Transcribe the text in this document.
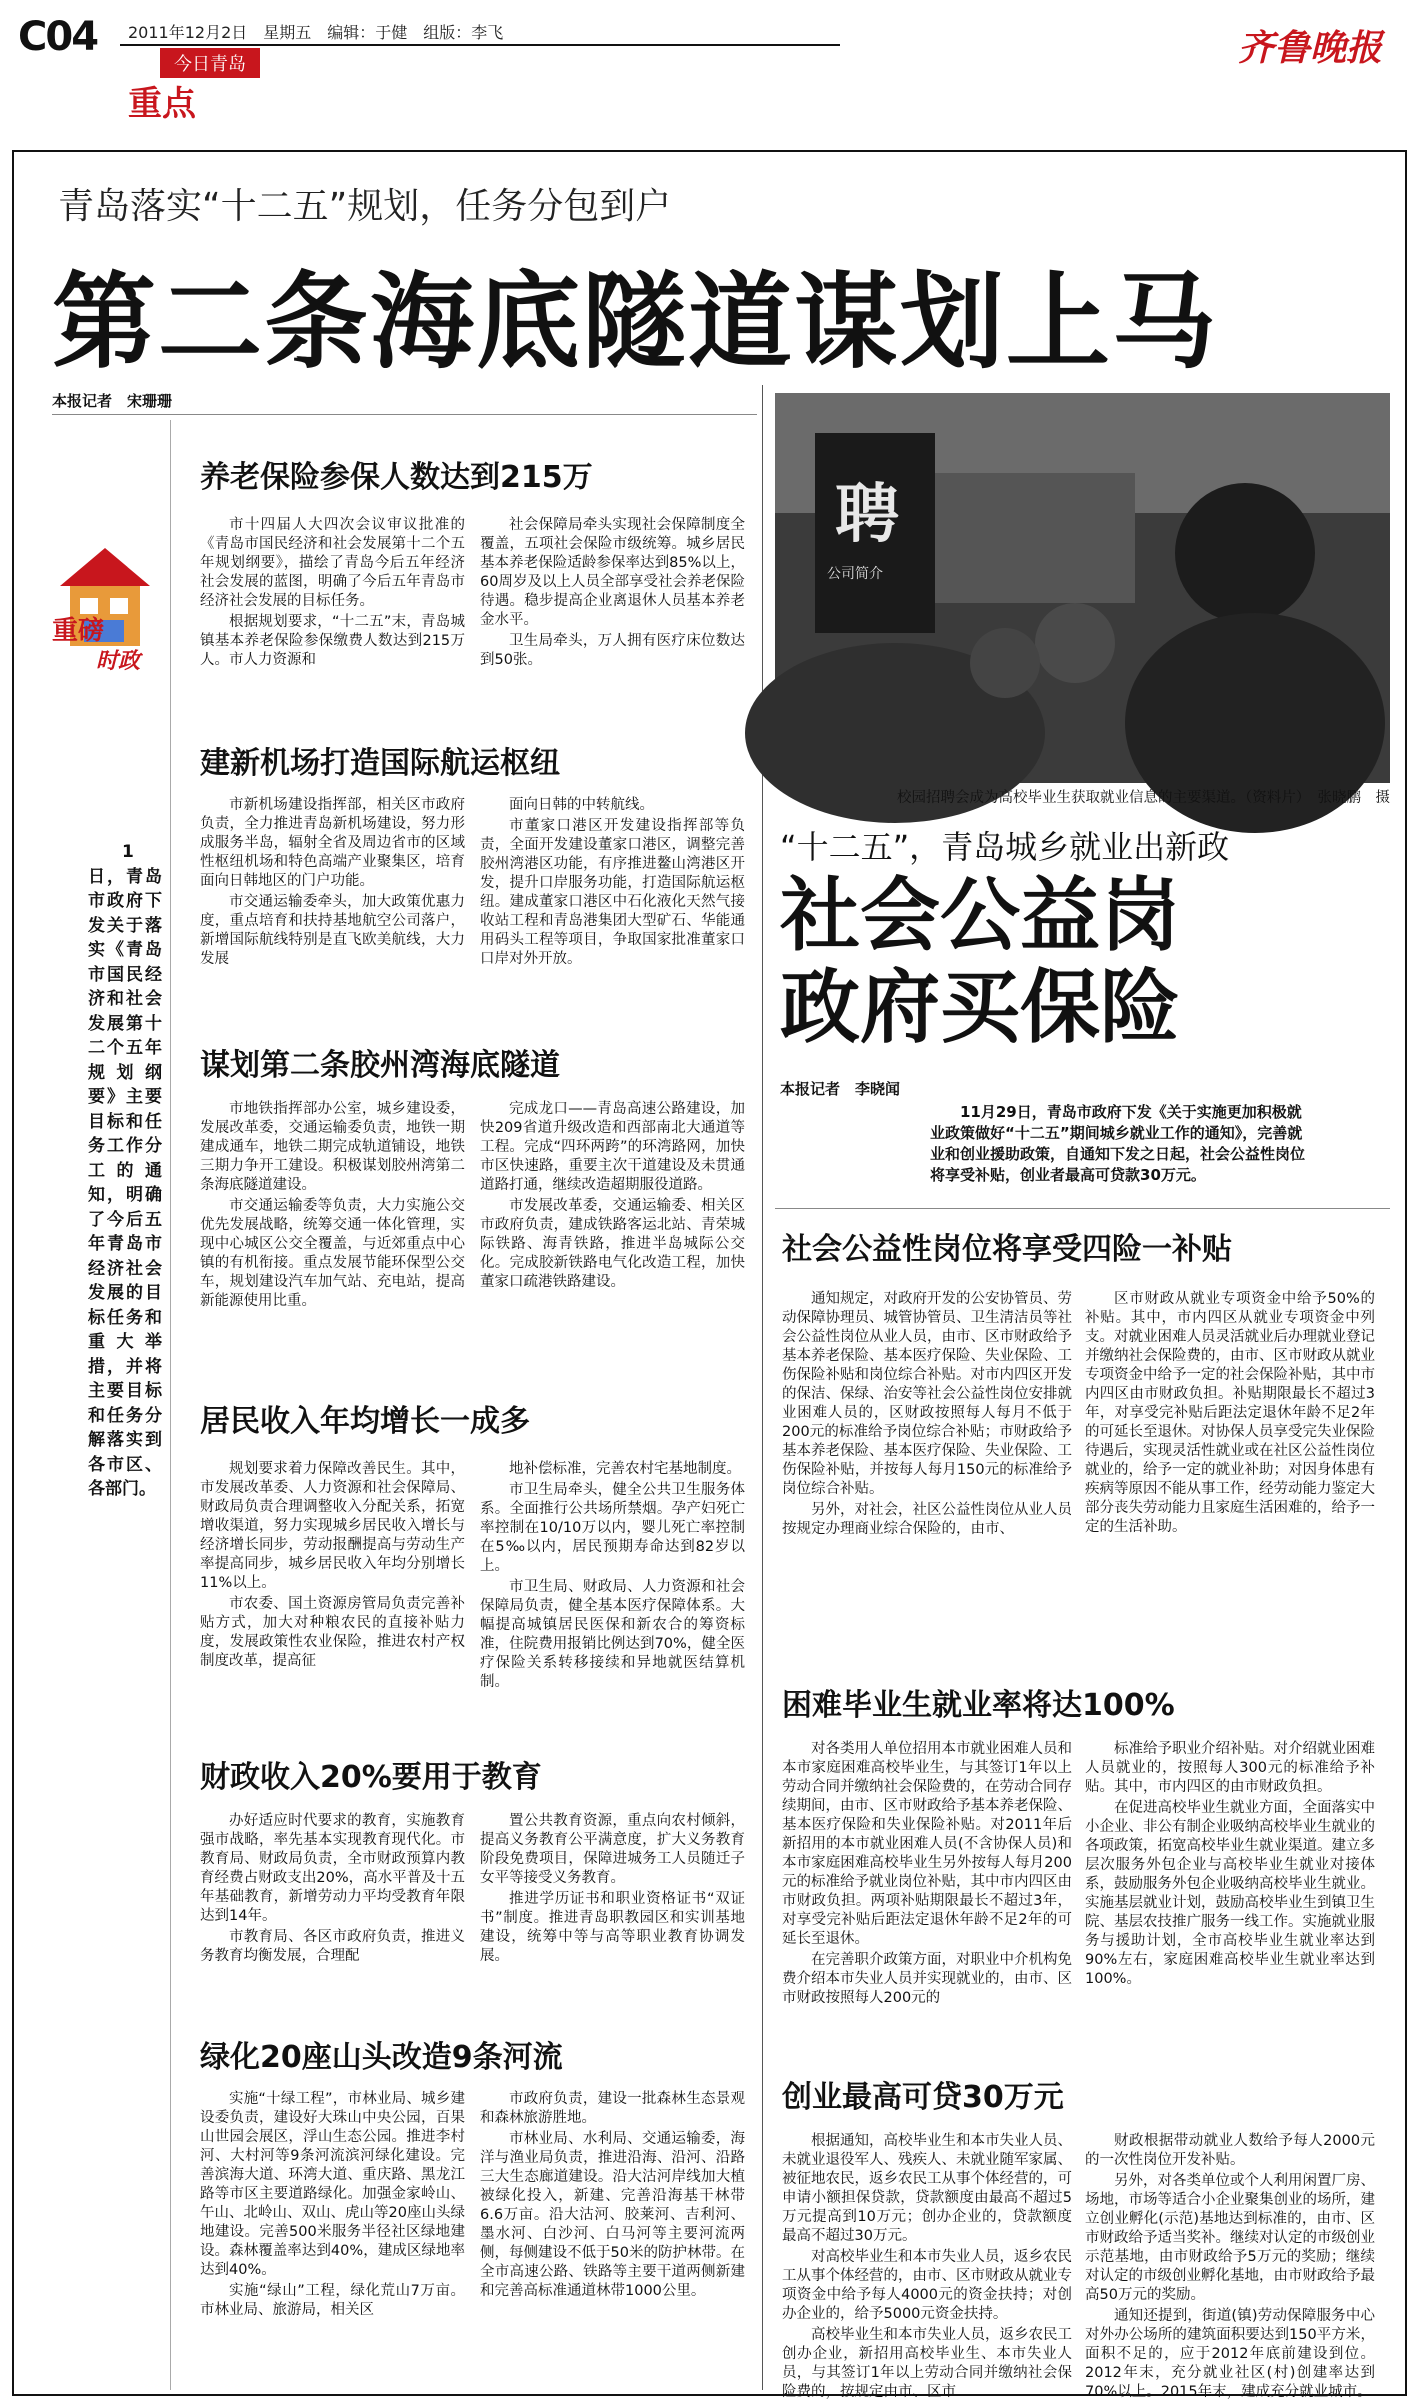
C04 2011年12月2日　星期五　编辑：于健　组版：李飞
今日青岛
重点
齐鲁晚报
青岛落实“十二五”规划，任务分包到户
第二条海底隧道谋划上马
本报记者　宋珊珊
重磅
时政

1日，青岛市政府下发关于落实《青岛市国民经济和社会发展第十二个五年规划纲要》主要目标和任务工作分工的通知，明确了今后五年青岛市经济社会发展的目标任务和重大举措，并将主要目标和任务分解落实到各市区、各部门。

养老保险参保人数达到215万

市十四届人大四次会议审议批准的《青岛市国民经济和社会发展第十二个五年规划纲要》，描绘了青岛今后五年经济社会发展的蓝图，明确了今后五年青岛市经济社会发展的目标任务。

根据规划要求，“十二五”末，青岛城镇基本养老保险参保缴费人数达到215万人。市人力资源和

社会保障局牵头实现社会保障制度全覆盖，五项社会保险市级统筹。城乡居民基本养老保险适龄参保率达到85%以上，60周岁及以上人员全部享受社会养老保险待遇。稳步提高企业离退休人员基本养老金水平。

卫生局牵头，万人拥有医疗床位数达到50张。

建新机场打造国际航运枢纽

市新机场建设指挥部，相关区市政府负责，全力推进青岛新机场建设，努力形成服务半岛，辐射全省及周边省市的区域性枢纽机场和特色高端产业聚集区，培育面向日韩地区的门户功能。

市交通运输委牵头，加大政策优惠力度，重点培育和扶持基地航空公司落户，新增国际航线特别是直飞欧美航线，大力发展

面向日韩的中转航线。

市董家口港区开发建设指挥部等负责，全面开发建设董家口港区，调整完善胶州湾港区功能，有序推进鳌山湾港区开发，提升口岸服务功能，打造国际航运枢纽。建成董家口港区中石化液化天然气接收站工程和青岛港集团大型矿石、华能通用码头工程等项目，争取国家批准董家口口岸对外开放。

谋划第二条胶州湾海底隧道

市地铁指挥部办公室，城乡建设委，发展改革委，交通运输委负责，地铁一期建成通车，地铁二期完成轨道铺设，地铁三期力争开工建设。积极谋划胶州湾第二条海底隧道建设。

市交通运输委等负责，大力实施公交优先发展战略，统筹交通一体化管理，实现中心城区公交全覆盖，与近郊重点中心镇的有机衔接。重点发展节能环保型公交车，规划建设汽车加气站、充电站，提高新能源使用比重。

完成龙口——青岛高速公路建设，加快209省道升级改造和西部南北大通道等工程。完成“四环两跨”的环湾路网，加快市区快速路，重要主次干道建设及未贯通道路打通，继续改造超期服役道路。

市发展改革委，交通运输委、相关区市政府负责，建成铁路客运北站、青荣城际铁路、海青铁路，推进半岛城际公交化。完成胶新铁路电气化改造工程，加快董家口疏港铁路建设。

居民收入年均增长一成多

规划要求着力保障改善民生。其中，市发展改革委、人力资源和社会保障局、财政局负责合理调整收入分配关系，拓宽增收渠道，努力实现城乡居民收入增长与经济增长同步，劳动报酬提高与劳动生产率提高同步，城乡居民收入年均分别增长11%以上。

市农委、国土资源房管局负责完善补贴方式，加大对种粮农民的直接补贴力度，发展政策性农业保险，推进农村产权制度改革，提高征

地补偿标准，完善农村宅基地制度。

市卫生局牵头，健全公共卫生服务体系。全面推行公共场所禁烟。孕产妇死亡率控制在10/10万以内，婴儿死亡率控制在5‰以内，居民预期寿命达到82岁以上。

市卫生局、财政局、人力资源和社会保障局负责，健全基本医疗保障体系。大幅提高城镇居民医保和新农合的筹资标准，住院费用报销比例达到70%，健全医疗保险关系转移接续和异地就医结算机制。

财政收入20%要用于教育

办好适应时代要求的教育，实施教育强市战略，率先基本实现教育现代化。市教育局、财政局负责，全市财政预算内教育经费占财政支出20%，高水平普及十五年基础教育，新增劳动力平均受教育年限达到14年。

市教育局、各区市政府负责，推进义务教育均衡发展，合理配

置公共教育资源，重点向农村倾斜，提高义务教育公平满意度，扩大义务教育阶段免费项目，保障进城务工人员随迁子女平等接受义务教育。

推进学历证书和职业资格证书“双证书”制度。推进青岛职教园区和实训基地建设，统筹中等与高等职业教育协调发展。

绿化20座山头改造9条河流

实施“十绿工程”，市林业局、城乡建设委负责，建设好大珠山中央公园，百果山世园会展区，浮山生态公园。推进李村河、大村河等9条河流滨河绿化建设。完善滨海大道、环湾大道、重庆路、黑龙江路等市区主要道路绿化。加强金家岭山、午山、北岭山、双山、虎山等20座山头绿地建设。完善500米服务半径社区绿地建设。森林覆盖率达到40%，建成区绿地率达到40%。

实施“绿山”工程，绿化荒山7万亩。市林业局、旅游局，相关区

市政府负责，建设一批森林生态景观和森林旅游胜地。

市林业局、水利局、交通运输委，海洋与渔业局负责，推进沿海、沿河、沿路三大生态廊道建设。沿大沽河岸线加大植被绿化投入，新建、完善沿海基干林带6.6万亩。沿大沽河、胶莱河、吉利河、墨水河、白沙河、白马河等主要河流两侧，每侧建设不低于50米的防护林带。在全市高速公路、铁路等主要干道两侧新建和完善高标准通道林带1000公里。

聘
公司简介
校园招聘会成为高校毕业生获取就业信息的主要渠道。（资料片）　张晓鹏　摄
“十二五”，青岛城乡就业出新政
社会公益岗
政府买保险
本报记者　李晓闻

11月29日，青岛市政府下发《关于实施更加积极就业政策做好“十二五”期间城乡就业工作的通知》，完善就业和创业援助政策，自通知下发之日起，社会公益性岗位将享受补贴，创业者最高可贷款30万元。

社会公益性岗位将享受四险一补贴

通知规定，对政府开发的公安协管员、劳动保障协理员、城管协管员、卫生清洁员等社会公益性岗位从业人员，由市、区市财政给予基本养老保险、基本医疗保险、失业保险、工伤保险补贴和岗位综合补贴。对市内四区开发的保洁、保绿、治安等社会公益性岗位安排就业困难人员的，区财政按照每人每月不低于200元的标准给予岗位综合补贴；市财政给予基本养老保险、基本医疗保险、失业保险、工伤保险补贴，并按每人每月150元的标准给予岗位综合补贴。

另外，对社会，社区公益性岗位从业人员按规定办理商业综合保险的，由市、

区市财政从就业专项资金中给予50%的补贴。其中，市内四区从就业专项资金中列支。对就业困难人员灵活就业后办理就业登记并缴纳社会保险费的，由市、区市财政从就业专项资金中给予一定的社会保险补贴，其中市内四区由市财政负担。补贴期限最长不超过3年，对享受完补贴后距法定退休年龄不足2年的可延长至退休。对协保人员享受完失业保险待遇后，实现灵活性就业或在社区公益性岗位就业的，给予一定的就业补助；对因身体患有疾病等原因不能从事工作，经劳动能力鉴定大部分丧失劳动能力且家庭生活困难的，给予一定的生活补助。

困难毕业生就业率将达100%

对各类用人单位招用本市就业困难人员和本市家庭困难高校毕业生，与其签订1年以上劳动合同并缴纳社会保险费的，在劳动合同存续期间，由市、区市财政给予基本养老保险、基本医疗保险和失业保险补贴。对2011年后新招用的本市就业困难人员(不含协保人员)和本市家庭困难高校毕业生另外按每人每月200元的标准给予就业岗位补贴，其中市内四区由市财政负担。两项补贴期限最长不超过3年，对享受完补贴后距法定退休年龄不足2年的可延长至退休。

在完善职介政策方面，对职业中介机构免费介绍本市失业人员并实现就业的，由市、区市财政按照每人200元的

标准给予职业介绍补贴。对介绍就业困难人员就业的，按照每人300元的标准给予补贴。其中，市内四区的由市财政负担。

在促进高校毕业生就业方面，全面落实中小企业、非公有制企业吸纳高校毕业生就业的各项政策，拓宽高校毕业生就业渠道。建立多层次服务外包企业与高校毕业生就业对接体系，鼓励服务外包企业吸纳高校毕业生就业。实施基层就业计划，鼓励高校毕业生到镇卫生院、基层农技推广服务一线工作。实施就业服务与援助计划，全市高校毕业生就业率达到90%左右，家庭困难高校毕业生就业率达到100%。

创业最高可贷30万元

根据通知，高校毕业生和本市失业人员、未就业退役军人、残疾人、未就业随军家属、被征地农民，返乡农民工从事个体经营的，可申请小额担保贷款，贷款额度由最高不超过5万元提高到10万元；创办企业的，贷款额度最高不超过30万元。

对高校毕业生和本市失业人员，返乡农民工从事个体经营的，由市、区市财政从就业专项资金中给予每人4000元的资金扶持；对创办企业的，给予5000元资金扶持。

高校毕业生和本市失业人员，返乡农民工创办企业，新招用高校毕业生、本市失业人员，与其签订1年以上劳动合同并缴纳社会保险费的，按规定由市、区市

财政根据带动就业人数给予每人2000元的一次性岗位开发补贴。

另外，对各类单位或个人利用闲置厂房、场地，市场等适合小企业聚集创业的场所，建立创业孵化(示范)基地达到标准的，由市、区市财政给予适当奖补。继续对认定的市级创业示范基地，由市财政给予5万元的奖励；继续对认定的市级创业孵化基地，由市财政给予最高50万元的奖励。

通知还提到，街道(镇)劳动保障服务中心对外办公场所的建筑面积要达到150平方米，面积不足的，应于2012年底前建设到位。2012年末，充分就业社区(村)创建率达到70%以上。2015年末，建成充分就业城市。
